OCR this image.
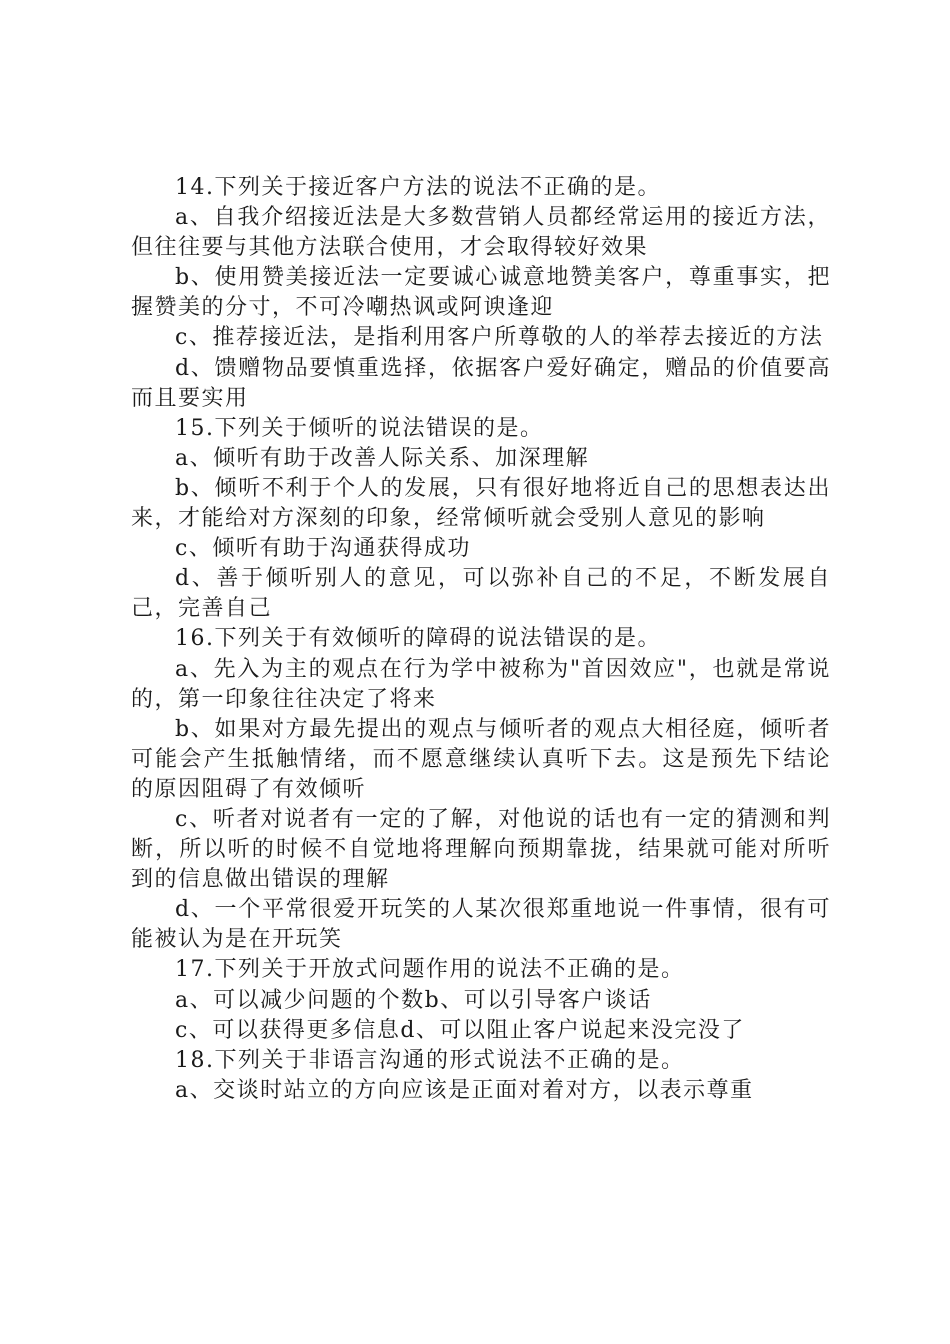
14.下列关于接近客户方法的说法不正确的是。

a、自我介绍接近法是大多数营销人员都经常运用的接近方法，但往往要与其他方法联合使用，才会取得较好效果

b、使用赞美接近法一定要诚心诚意地赞美客户，尊重事实，把握赞美的分寸，不可冷嘲热讽或阿谀逢迎

c、推荐接近法，是指利用客户所尊敬的人的举荐去接近的方法

d、馈赠物品要慎重选择，依据客户爱好确定，赠品的价值要高而且要实用

15.下列关于倾听的说法错误的是。

a、倾听有助于改善人际关系、加深理解

b、倾听不利于个人的发展，只有很好地将近自己的思想表达出来，才能给对方深刻的印象，经常倾听就会受别人意见的影响

c、倾听有助于沟通获得成功

d、善于倾听别人的意见，可以弥补自己的不足，不断发展自己，完善自己

16.下列关于有效倾听的障碍的说法错误的是。

a、先入为主的观点在行为学中被称为"首因效应"，也就是常说的，第一印象往往决定了将来

b、如果对方最先提出的观点与倾听者的观点大相径庭，倾听者可能会产生抵触情绪，而不愿意继续认真听下去。这是预先下结论的原因阻碍了有效倾听

c、听者对说者有一定的了解，对他说的话也有一定的猜测和判断，所以听的时候不自觉地将理解向预期靠拢，结果就可能对所听到的信息做出错误的理解

d、一个平常很爱开玩笑的人某次很郑重地说一件事情，很有可能被认为是在开玩笑

17.下列关于开放式问题作用的说法不正确的是。

a、可以减少问题的个数b、可以引导客户谈话

c、可以获得更多信息d、可以阻止客户说起来没完没了

18.下列关于非语言沟通的形式说法不正确的是。

a、交谈时站立的方向应该是正面对着对方，以表示尊重
